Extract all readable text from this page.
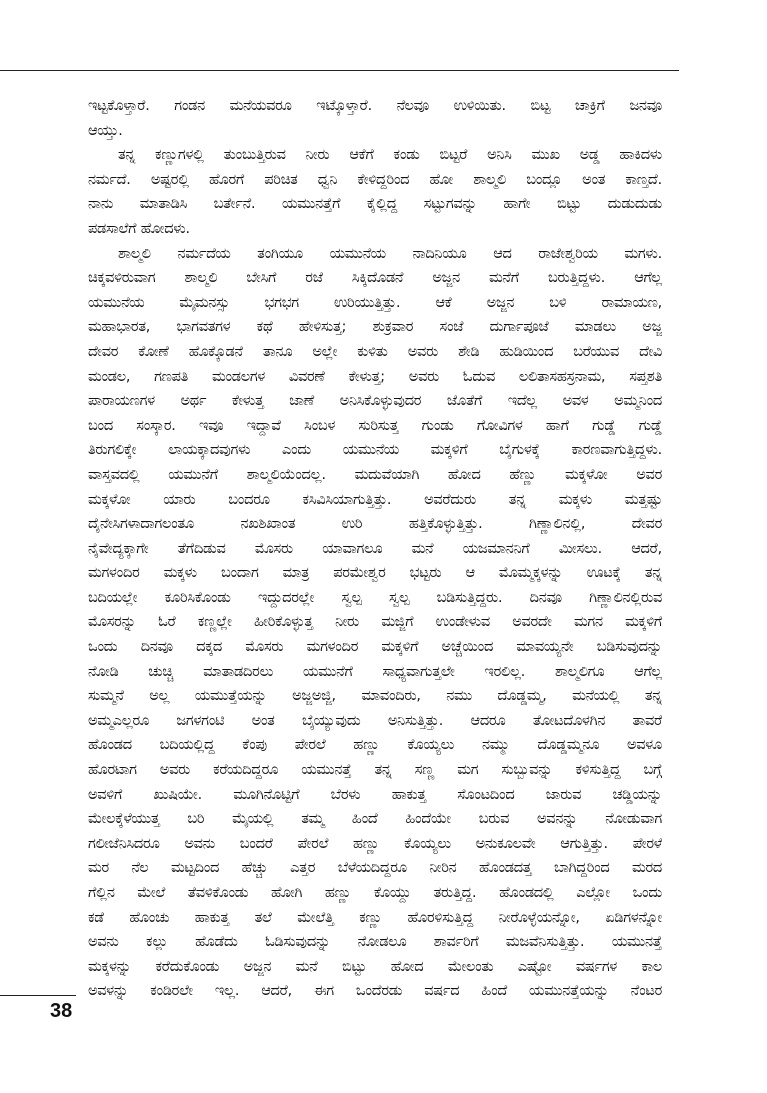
ಇಟ್ಟಕೊಳ್ತಾರೆ. ಗಂಡನ ಮನೆಯವರೂ ಇಟ್ಕೊಳ್ತಾರೆ. ನೆಲವೂ ಉಳಿಯಿತು. ಬಿಟ್ಟ ಚಾಕ್ರಿಗೆ ಜನವೂ
ಆಯ್ತು.
ತನ್ನ ಕಣ್ಣುಗಳಲ್ಲಿ ತುಂಬುತ್ತಿರುವ ನೀರು ಆಕೆಗೆ ಕಂಡು ಬಿಟ್ಟರೆ ಅನಿಸಿ ಮುಖ ಅಡ್ಡ ಹಾಕಿದಳು
ನರ್ಮದೆ. ಅಷ್ಟರಲ್ಲಿ ಹೊರಗೆ ಪರಿಚಿತ ಧ್ವನಿ ಕೇಳಿದ್ದರಿಂದ ಹೋ ಶಾಲ್ಮಲಿ ಬಂದ್ಲೂ ಅಂತ ಕಾಣ್ತದೆ.
ನಾನು ಮಾತಾಡಿಸಿ ಬರ್ತೇನೆ. ಯಮುನತ್ತೆಗೆ ಕೈಲ್ಲಿದ್ದ ಸಟ್ಟುಗವನ್ನು ಹಾಗೇ ಬಿಟ್ಟು ದುಡುದುಡು
ಪಡಸಾಲೆಗೆ ಹೋದಳು.
ಶಾಲ್ಮಲಿ ನರ್ಮದೆಯ ತಂಗಿಯೂ ಯಮುನೆಯ ನಾದಿನಿಯೂ ಆದ ರಾಜೇಶ್ವರಿಯ ಮಗಳು.
ಚಿಕ್ಕವಳಿರುವಾಗ ಶಾಲ್ಮಲಿ ಬೇಸಿಗೆ ರಜೆ ಸಿಕ್ಕಿದೊಡನೆ ಅಜ್ಜನ ಮನೆಗೆ ಬರುತ್ತಿದ್ದಳು. ಆಗೆಲ್ಲ
ಯಮುನೆಯ ಮೈಮನಸ್ಸು ಭಗಭಗ ಉರಿಯುತ್ತಿತ್ತು. ಆಕೆ ಅಜ್ಜನ ಬಳಿ ರಾಮಾಯಣ,
ಮಹಾಭಾರತ, ಭಾಗವತಗಳ ಕಥೆ ಹೇಳಿಸುತ್ತ; ಶುಕ್ರವಾರ ಸಂಜೆ ದುರ್ಗಾಪೂಜೆ ಮಾಡಲು ಅಜ್ಜ
ದೇವರ ಕೋಣೆ ಹೊಕ್ಕೊಡನೆ ತಾನೂ ಅಲ್ಲೇ ಕುಳಿತು ಅವರು ಶೇಡಿ ಹುಡಿಯಿಂದ ಬರೆಯುವ ದೇವಿ
ಮಂಡಲ, ಗಣಪತಿ ಮಂಡಲಗಳ ವಿವರಣೆ ಕೇಳುತ್ತ; ಅವರು ಓದುವ ಲಲಿತಾಸಹಸ್ರನಾಮ, ಸಪ್ತಶತಿ
ಪಾರಾಯಣಗಳ ಅರ್ಥ ಕೇಳುತ್ತ ಜಾಣೆ ಅನಿಸಿಕೊಳ್ಳುವುದರ ಜೊತೆಗೆ ಇದೆಲ್ಲ ಅವಳ ಅಮ್ಮನಿಂದ
ಬಂದ ಸಂಸ್ಕಾರ. ಇವೂ ಇದ್ದಾವೆ ಸಿಂಬಳ ಸುರಿಸುತ್ತ ಗುಂಡು ಗೋವಿಗಳ ಹಾಗೆ ಗುಡ್ಡೆ ಗುಡ್ಡೆ
ತಿರುಗಲಿಕ್ಕೇ ಲಾಯಕ್ಕಾದವುಗಳು ಎಂದು ಯಮುನೆಯ ಮಕ್ಕಳಿಗೆ ಬೈಗುಳಕ್ಕೆ ಕಾರಣವಾಗುತ್ತಿದ್ದಳು.
ವಾಸ್ತವದಲ್ಲಿ ಯಮುನೆಗೆ ಶಾಲ್ಮಲಿಯೆಂದಲ್ಲ. ಮದುವೆಯಾಗಿ ಹೋದ ಹೆಣ್ಣು ಮಕ್ಕಳೋ ಅವರ
ಮಕ್ಕಳೋ ಯಾರು ಬಂದರೂ ಕಸಿವಿಸಿಯಾಗುತ್ತಿತ್ತು. ಅವರೆದುರು ತನ್ನ ಮಕ್ಕಳು ಮತ್ತಷ್ಟು
ದೈನೇಸಿಗಳಾದಾಗಲಂತೂ ನಖಶಿಖಾಂತ ಉರಿ ಹತ್ತಿಕೊಳ್ಳುತ್ತಿತ್ತು. ಗಿಣ್ಣಾಲಿನಲ್ಲಿ, ದೇವರ
ನೈವೇದ್ಯಕ್ಕಾಗೇ ತೆಗೆದಿಡುವ ಮೊಸರು ಯಾವಾಗಲೂ ಮನೆ ಯಜಮಾನನಿಗೆ ಮೀಸಲು. ಆದರೆ,
ಮಗಳಂದಿರ ಮಕ್ಕಳು ಬಂದಾಗ ಮಾತ್ರ ಪರಮೇಶ್ವರ ಭಟ್ಟರು ಆ ಮೊಮ್ಮಕ್ಕಳನ್ನು ಊಟಕ್ಕೆ ತನ್ನ
ಬದಿಯಲ್ಲೇ ಕೂರಿಸಿಕೊಂಡು ಇದ್ದುದರಲ್ಲೇ ಸ್ವಲ್ಪ ಸ್ವಲ್ಪ ಬಡಿಸುತ್ತಿದ್ದರು. ದಿನವೂ ಗಿಣ್ಣಾಲಿನಲ್ಲಿರುವ
ಮೊಸರನ್ನು ಓರೆ ಕಣ್ಣಲ್ಲೇ ಹೀರಿಕೊಳ್ಳುತ್ತ ನೀರು ಮಜ್ಜಿಗೆ ಉಂಡೇಳುವ ಅವರದೇ ಮಗನ ಮಕ್ಕಳಿಗೆ
ಒಂದು ದಿನವೂ ದಕ್ಕದ ಮೊಸರು ಮಗಳಂದಿರ ಮಕ್ಕಳಿಗೆ ಅಚ್ಚೆಯಿಂದ ಮಾವಯ್ಯನೇ ಬಡಿಸುವುದನ್ನು
ನೋಡಿ ಚುಚ್ಚಿ ಮಾತಾಡದಿರಲು ಯಮುನೆಗೆ ಸಾಧ್ಯವಾಗುತ್ತಲೇ ಇರಲಿಲ್ಲ. ಶಾಲ್ಮಲಿಗೂ ಆಗೆಲ್ಲ
ಸುಮ್ಮನೆ ಅಲ್ಲ ಯಮುತ್ತೆಯನ್ನು ಅಜ್ಜಅಜ್ಜಿ, ಮಾವಂದಿರು, ನಮು ದೊಡ್ಡಮ್ಮ, ಮನೆಯಲ್ಲಿ ತನ್ನ
ಅಮ್ಮಎಲ್ಲರೂ ಜಗಳಗಂಟಿ ಅಂತ ಬೈಯ್ಯುವುದು ಅನಿಸುತ್ತಿತ್ತು. ಆದರೂ ತೋಟದೊಳಗಿನ ತಾವರೆ
ಹೊಂಡದ ಬದಿಯಲ್ಲಿದ್ದ ಕೆಂಪು ಪೇರಲೆ ಹಣ್ಣು ಕೊಯ್ಯಲು ನಮ್ಮು ದೊಡ್ಡಮ್ಮನೂ ಅವಳೂ
ಹೊರಟಾಗ ಅವರು ಕರೆಯದಿದ್ದರೂ ಯಮುನತ್ತೆ ತನ್ನ ಸಣ್ಣ ಮಗ ಸುಬ್ಬುವನ್ನು ಕಳಿಸುತ್ತಿದ್ದ ಬಗ್ಗೆ
ಅವಳಿಗೆ ಖುಷಿಯೇ. ಮೂಗಿನೊಟ್ಟಿಗೆ ಬೆರಳು ಹಾಕುತ್ತ ಸೊಂಟದಿಂದ ಜಾರುವ ಚಡ್ಡಿಯನ್ನು
ಮೇಲಕ್ಕೆಳೆಯುತ್ತ ಬರಿ ಮೈಯಲ್ಲಿ ತಮ್ಮ ಹಿಂದೆ ಹಿಂದೆಯೇ ಬರುವ ಅವನನ್ನು ನೋಡುವಾಗ
ಗಲೀಜೆನಿಸಿದರೂ ಅವನು ಬಂದರೆ ಪೇರಲೆ ಹಣ್ಣು ಕೊಯ್ಯಲು ಅನುಕೂಲವೇ ಆಗುತ್ತಿತ್ತು. ಪೇರಳೆ
ಮರ ನೆಲ ಮಟ್ಟದಿಂದ ಹೆಚ್ಚು ಎತ್ತರ ಬೆಳೆಯದಿದ್ದರೂ ನೀರಿನ ಹೊಂಡದತ್ತ ಬಾಗಿದ್ದರಿಂದ ಮರದ
ಗೆಲ್ಲಿನ ಮೇಲೆ ತೆವಳಿಕೊಂಡು ಹೋಗಿ ಹಣ್ಣು ಕೊಯ್ದು ತರುತ್ತಿದ್ದ. ಹೊಂಡದಲ್ಲಿ ಎಲ್ಲೋ ಒಂದು
ಕಡೆ ಹೊಂಚು ಹಾಕುತ್ತ ತಲೆ ಮೇಲೆತ್ತಿ ಕಣ್ಣು ಹೊರಳಿಸುತ್ತಿದ್ದ ನೀರೊಳ್ಳೆಯನ್ನೋ, ಏಡಿಗಳನ್ನೋ
ಅವನು ಕಲ್ಲು ಹೊಡೆದು ಓಡಿಸುವುದನ್ನು ನೋಡಲೂ ಶಾರ್ವರಿಗೆ ಮಜವೆನಿಸುತ್ತಿತ್ತು. ಯಮುನತ್ತೆ
ಮಕ್ಕಳನ್ನು ಕರೆದುಕೊಂಡು ಅಜ್ಜನ ಮನೆ ಬಿಟ್ಟು ಹೋದ ಮೇಲಂತು ಎಷ್ಟೋ ವರ್ಷಗಳ ಕಾಲ
ಅವಳನ್ನು ಕಂಡಿರಲೇ ಇಲ್ಲ. ಆದರೆ, ಈಗ ಒಂದೆರಡು ವರ್ಷದ ಹಿಂದೆ ಯಮುನತ್ತೆಯನ್ನು ನೆಂಟರ
38
